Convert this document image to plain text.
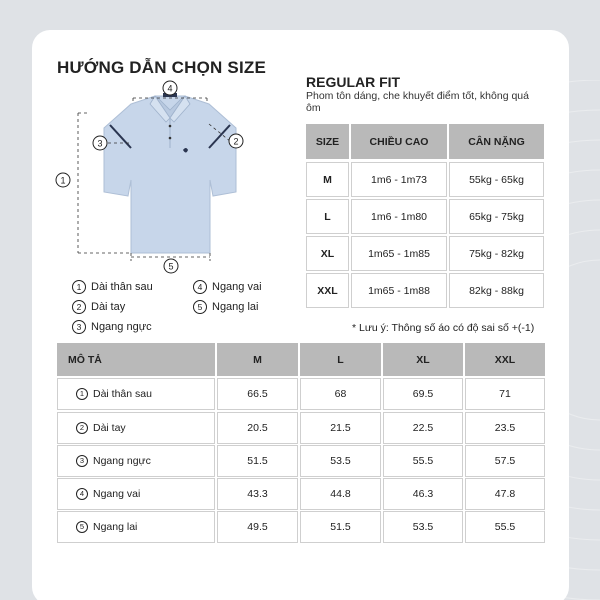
HƯỚNG DẪN CHỌN SIZE
REGULAR FIT
Phom tôn dáng, che khuyết điểm tốt, không quá ôm
4
2
3
1
5
1 Dài thân sau
2 Dài tay
3 Ngang ngực
4 Ngang vai
5 Ngang lai
SIZE	CHIỀU CAO	CÂN NẶNG
M	1m6 - 1m73	55kg - 65kg
L	1m6 - 1m80	65kg - 75kg
XL	1m65 - 1m85	75kg - 82kg
XXL	1m65 - 1m88	82kg - 88kg
* Lưu ý: Thông số áo có độ sai số +(-1)
MÔ TẢ	M	L	XL	XXL
1 Dài thân sau	66.5	68	69.5	71
2 Dài tay	20.5	21.5	22.5	23.5
3 Ngang ngực	51.5	53.5	55.5	57.5
4 Ngang vai	43.3	44.8	46.3	47.8
5 Ngang lai	49.5	51.5	53.5	55.5
